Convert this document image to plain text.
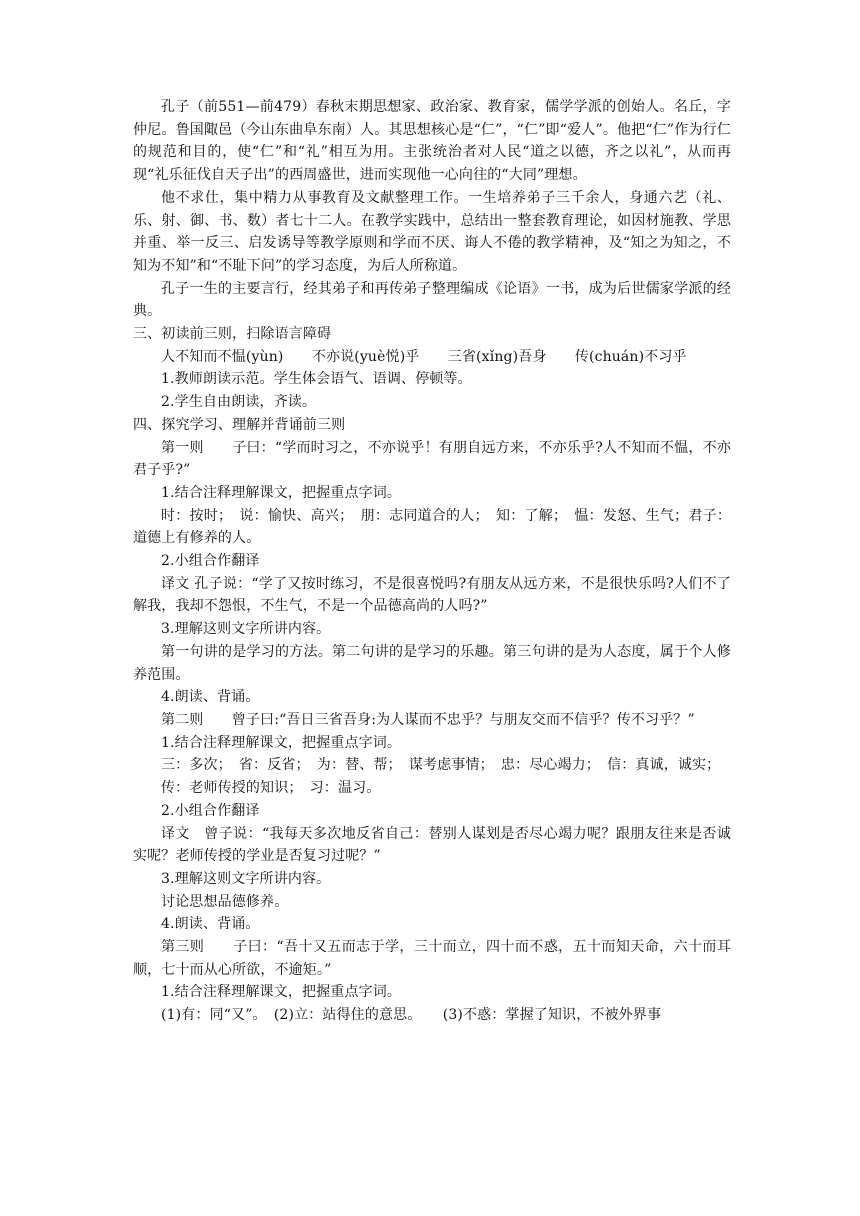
孔子（前551—前479）春秋末期思想家、政治家、教育家，儒学学派的创始人。名丘，字仲尼。鲁国陬邑（今山东曲阜东南）人。其思想核心是“仁”，“仁”即“爱人”。他把“仁”作为行仁的规范和目的，使“仁”和“礼”相互为用。主张统治者对人民“道之以德，齐之以礼”，从而再现“礼乐征伐自天子出”的西周盛世，进而实现他一心向往的“大同”理想。

他不求仕，集中精力从事教育及文献整理工作。一生培养弟子三千余人，身通六艺（礼、乐、射、御、书、数）者七十二人。在教学实践中，总结出一整套教育理论，如因材施教、学思并重、举一反三、启发诱导等教学原则和学而不厌、诲人不倦的教学精神，及“知之为知之，不知为不知”和“不耻下问”的学习态度，为后人所称道。

孔子一生的主要言行，经其弟子和再传弟子整理编成《论语》一书，成为后世儒家学派的经典。

三、初读前三则，扫除语言障碍

人不知而不愠(yùn)　　不亦说(yuè悦)乎　　三省(xǐng)吾身　　传(chuán)不习乎

1.教师朗读示范。学生体会语气、语调、停顿等。

2.学生自由朗读，齐读。

四、探究学习、理解并背诵前三则

第一则　　子曰：“学而时习之，不亦说乎！有朋自远方来，不亦乐乎?人不知而不愠，不亦君子乎?”

1.结合注释理解课文，把握重点字词。

时：按时；　说：愉快、高兴；　朋：志同道合的人；　知：了解；　愠：发怒、生气；君子：道德上有修养的人。

2.小组合作翻译

译文 孔子说：“学了又按时练习，不是很喜悦吗?有朋友从远方来，不是很快乐吗?人们不了解我，我却不怨恨，不生气，不是一个品德高尚的人吗?”

3.理解这则文字所讲内容。

第一句讲的是学习的方法。第二句讲的是学习的乐趣。第三句讲的是为人态度，属于个人修养范围。

4.朗读、背诵。

第二则　　曾子曰:“吾日三省吾身:为人谋而不忠乎？与朋友交而不信乎？传不习乎？”

1.结合注释理解课文，把握重点字词。

三：多次；　省：反省；　为：替、帮；　谋考虑事情；　忠：尽心竭力；　信：真诚，诚实；

传：老师传授的知识；　习：温习。

2.小组合作翻译

译文　曾子说：“我每天多次地反省自己：替别人谋划是否尽心竭力呢？跟朋友往来是否诚实呢？老师传授的学业是否复习过呢？”

3.理解这则文字所讲内容。

讨论思想品德修养。

4.朗读、背诵。

第三则　　子曰：“吾十又五而志于学，三十而立，四十而不惑，五十而知天命，六十而耳顺，七十而从心所欲，不逾矩。”

1.结合注释理解课文，把握重点字词。

(1)有：同“又”。　(2)立：站得住的意思。　　(3)不惑：掌握了知识，不被外界事
